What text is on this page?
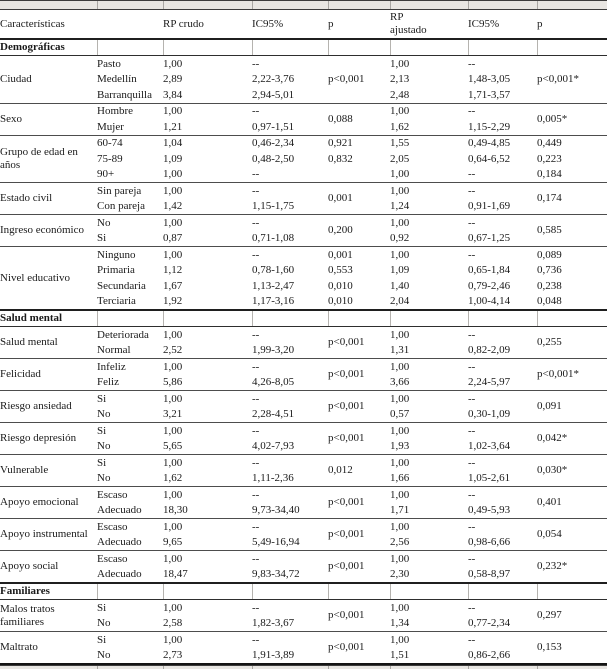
Características		RP crudo	IC95%	p	RP ajustado	IC95%	p
Demográficas							
Ciudad	Pasto	1,00	--	p<0,001	1,00	--	p<0,001*
	Medellín	2,89	2,22-3,76		2,13	1,48-3,05	
	Barranquilla	3,84	2,94-5,01		2,48	1,71-3,57	
Sexo	Hombre	1,00	--	0,088	1,00	--	0,005*
	Mujer	1,21	0,97-1,51		1,62	1,15-2,29	
Grupo de edad en años	60-74	1,04	0,46-2,34	0,921	1,55	0,49-4,85	0,449
	75-89	1,09	0,48-2,50	0,832	2,05	0,64-6,52	0,223
	90+	1,00	--		1,00	--	0,184
Estado civil	Sin pareja	1,00	--	0,001	1,00	--	0,174
	Con pareja	1,42	1,15-1,75		1,24	0,91-1,69	
Ingreso económico	No	1,00	--	0,200	1,00	--	0,585
	Si	0,87	0,71-1,08		0,92	0,67-1,25	
Nivel educativo	Ninguno	1,00	--	0,001	1,00	--	0,089
	Primaria	1,12	0,78-1,60	0,553	1,09	0,65-1,84	0,736
	Secundaria	1,67	1,13-2,47	0,010	1,40	0,79-2,46	0,238
	Terciaria	1,92	1,17-3,16	0,010	2,04	1,00-4,14	0,048
Salud mental							
Salud mental	Deteriorada	1,00	--	p<0,001	1,00	--	0,255
	Normal	2,52	1,99-3,20		1,31	0,82-2,09	
Felicidad	Infeliz	1,00	--	p<0,001	1,00	--	p<0,001*
	Feliz	5,86	4,26-8,05		3,66	2,24-5,97	
Riesgo ansiedad	Si	1,00	--	p<0,001	1,00	--	0,091
	No	3,21	2,28-4,51		0,57	0,30-1,09	
Riesgo depresión	Si	1,00	--	p<0,001	1,00	--	0,042*
	No	5,65	4,02-7,93		1,93	1,02-3,64	
Vulnerable	Si	1,00	--	0,012	1,00	--	0,030*
	No	1,62	1,11-2,36		1,66	1,05-2,61	
Apoyo emocional	Escaso	1,00	--	p<0,001	1,00	--	0,401
	Adecuado	18,30	9,73-34,40		1,71	0,49-5,93	
Apoyo instrumental	Escaso	1,00	--	p<0,001	1,00	--	0,054
	Adecuado	9,65	5,49-16,94		2,56	0,98-6,66	
Apoyo social	Escaso	1,00	--	p<0,001	1,00	--	0,232*
	Adecuado	18,47	9,83-34,72		2,30	0,58-8,97	
Familiares							
Malos tratos familiares	Si	1,00	--	p<0,001	1,00	--	0,297
	No	2,58	1,82-3,67		1,34	0,77-2,34	
Maltrato	Si	1,00	--	p<0,001	1,00	--	0,153
	No	2,73	1,91-3,89		1,51	0,86-2,66	
